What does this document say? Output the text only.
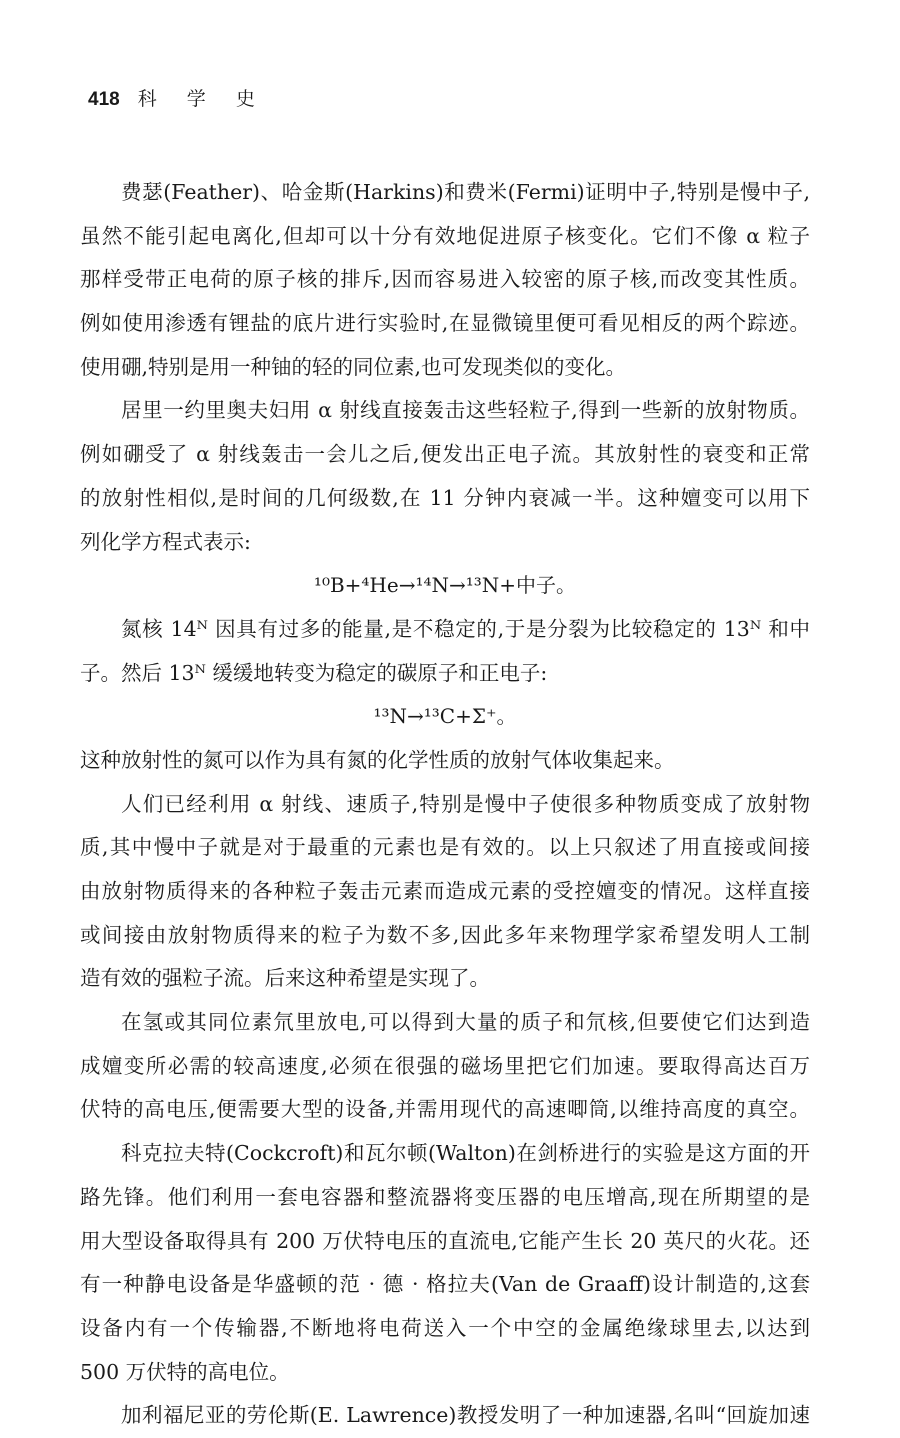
418 科 学 史
费瑟(Feather)、哈金斯(Harkins)和费米(Fermi)证明中子,特别是慢中子,
虽然不能引起电离化,但却可以十分有效地促进原子核变化。它们不像 α 粒子
那样受带正电荷的原子核的排斥,因而容易进入较密的原子核,而改变其性质。
例如使用渗透有锂盐的底片进行实验时,在显微镜里便可看见相反的两个踪迹。
使用硼,特别是用一种铀的轻的同位素,也可发现类似的变化。
居里一约里奥夫妇用 α 射线直接轰击这些轻粒子,得到一些新的放射物质。
例如硼受了 α 射线轰击一会儿之后,便发出正电子流。其放射性的衰变和正常
的放射性相似,是时间的几何级数,在 11 分钟内衰减一半。这种嬗变可以用下
列化学方程式表示:
¹⁰B+⁴He→¹⁴N→¹³N+中子。
氮核 14ᴺ 因具有过多的能量,是不稳定的,于是分裂为比较稳定的 13ᴺ 和中
子。然后 13ᴺ 缓缓地转变为稳定的碳原子和正电子:
¹³N→¹³C+Σ⁺。
这种放射性的氮可以作为具有氮的化学性质的放射气体收集起来。
人们已经利用 α 射线、速质子,特别是慢中子使很多种物质变成了放射物
质,其中慢中子就是对于最重的元素也是有效的。以上只叙述了用直接或间接
由放射物质得来的各种粒子轰击元素而造成元素的受控嬗变的情况。这样直接
或间接由放射物质得来的粒子为数不多,因此多年来物理学家希望发明人工制
造有效的强粒子流。后来这种希望是实现了。
在氢或其同位素氘里放电,可以得到大量的质子和氘核,但要使它们达到造
成嬗变所必需的较高速度,必须在很强的磁场里把它们加速。要取得高达百万
伏特的高电压,便需要大型的设备,并需用现代的高速唧筒,以维持高度的真空。
科克拉夫特(Cockcroft)和瓦尔顿(Walton)在剑桥进行的实验是这方面的开
路先锋。他们利用一套电容器和整流器将变压器的电压增高,现在所期望的是
用大型设备取得具有 200 万伏特电压的直流电,它能产生长 20 英尺的火花。还
有一种静电设备是华盛顿的范 · 德 · 格拉夫(Van de Graaff)设计制造的,这套
设备内有一个传输器,不断地将电荷送入一个中空的金属绝缘球里去,以达到
500 万伏特的高电位。
加利福尼亚的劳伦斯(E. Lawrence)教授发明了一种加速器,名叫“回旋加速
